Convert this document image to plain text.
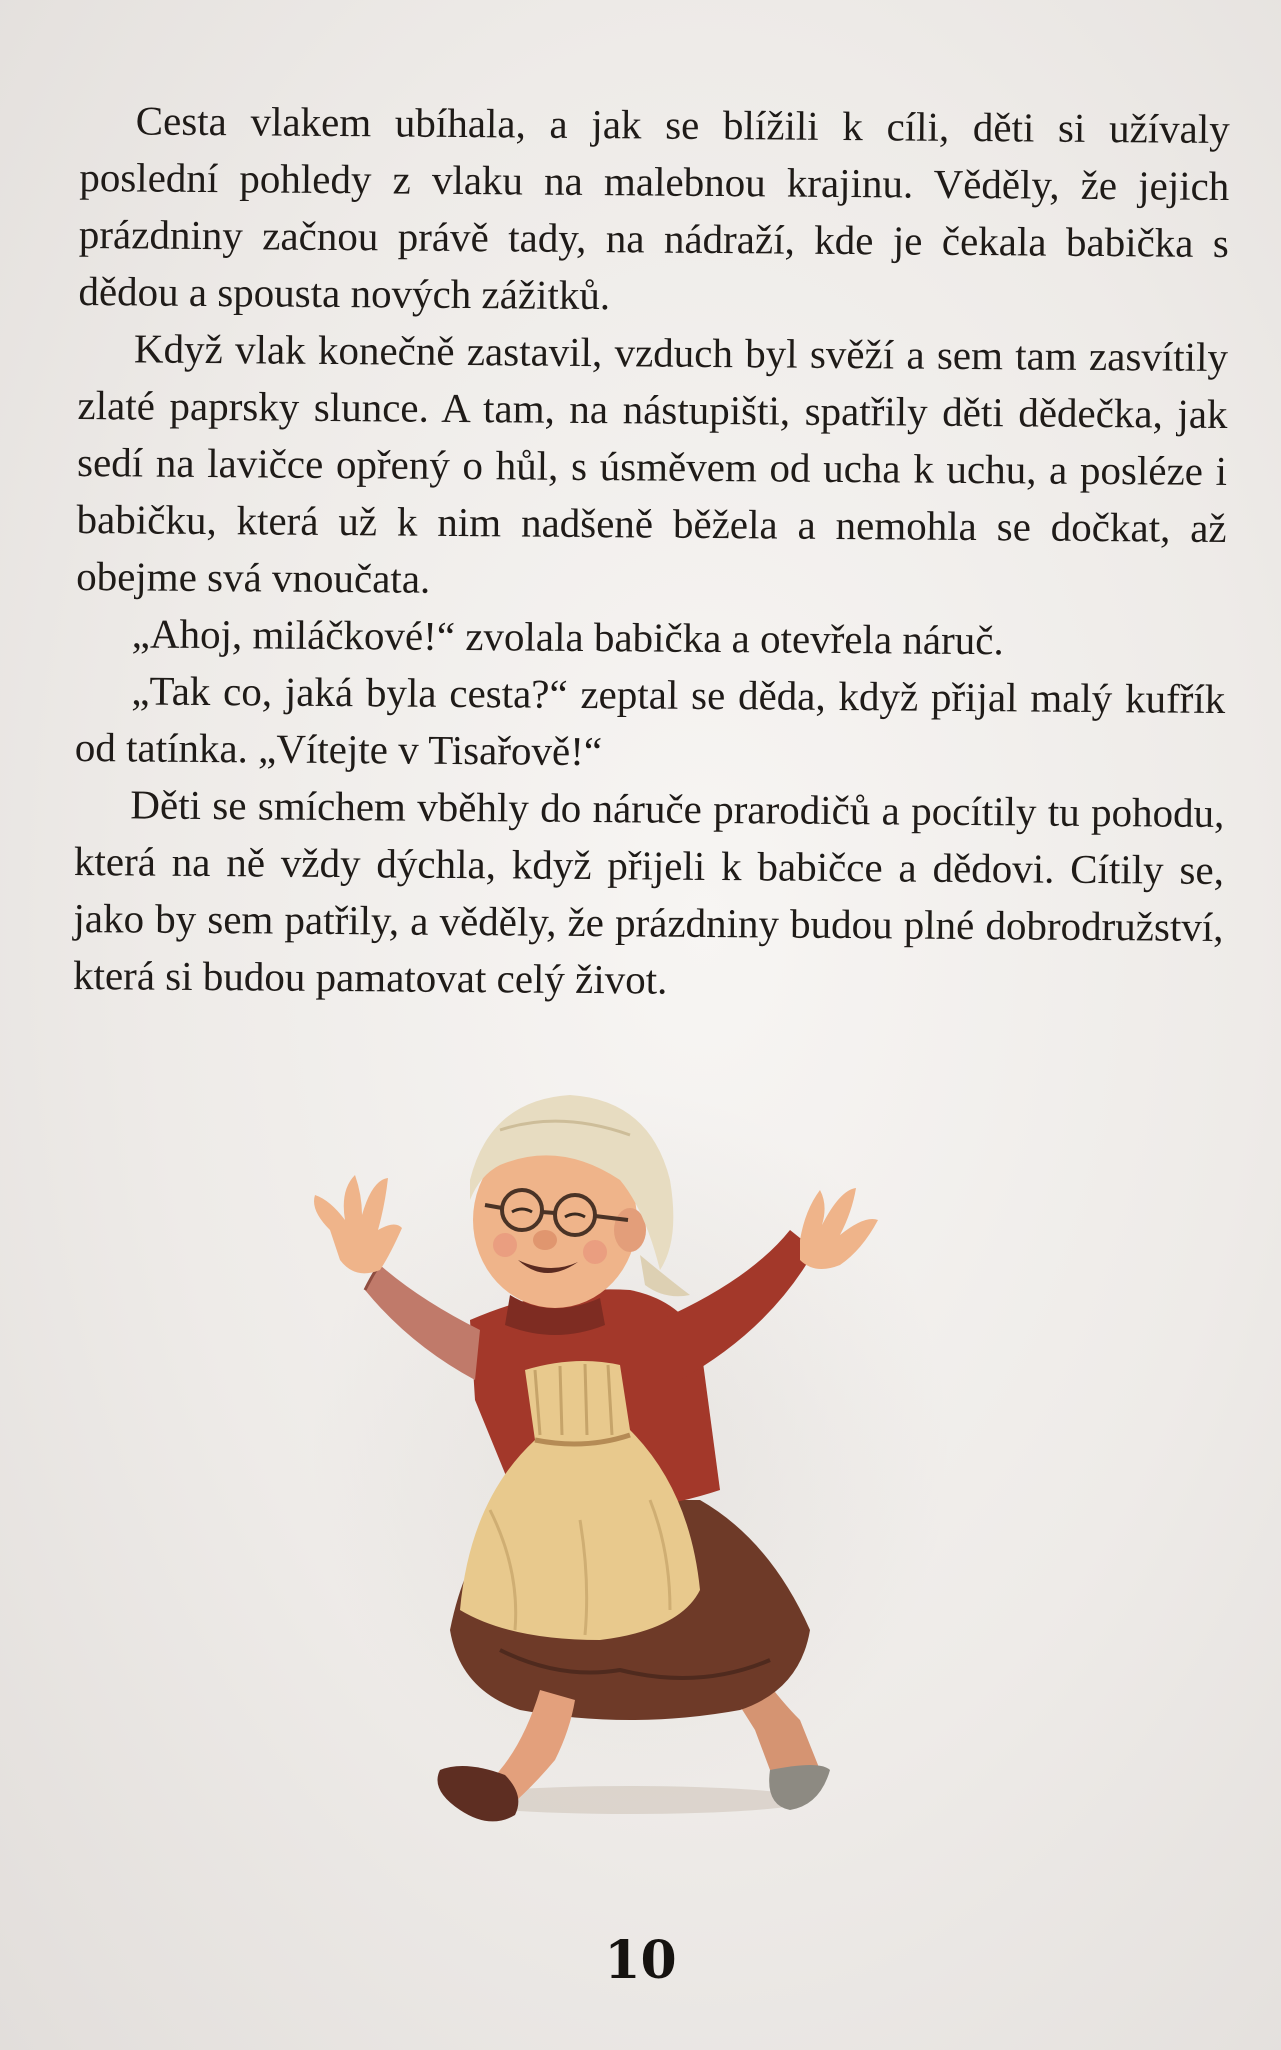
Cesta vlakem ubíhala, a jak se blížili k cíli, děti si užívaly poslední pohledy z vlaku na malebnou krajinu. Věděly, že jejich prázdniny začnou právě tady, na nádraží, kde je čekala babička s dědou a spousta nových zážitků.

Když vlak konečně zastavil, vzduch byl svěží a sem tam zasvítily zlaté paprsky slunce. A tam, na nástupišti, spatřily děti dědečka, jak sedí na lavičce opřený o hůl, s úsměvem od ucha k uchu, a posléze i babičku, která už k nim nadšeně běžela a nemohla se dočkat, až obejme svá vnoučata.

„Ahoj, miláčkové!“ zvolala babička a otevřela náruč.

„Tak co, jaká byla cesta?“ zeptal se děda, když přijal malý kufřík od tatínka. „Vítejte v Tisařově!“

Děti se smíchem vběhly do náruče prarodičů a pocítily tu pohodu, která na ně vždy dýchla, když přijeli k babičce a dědovi. Cítily se, jako by sem patřily, a věděly, že prázdniny budou plné dobrodružství, která si budou pamatovat celý život.

10
